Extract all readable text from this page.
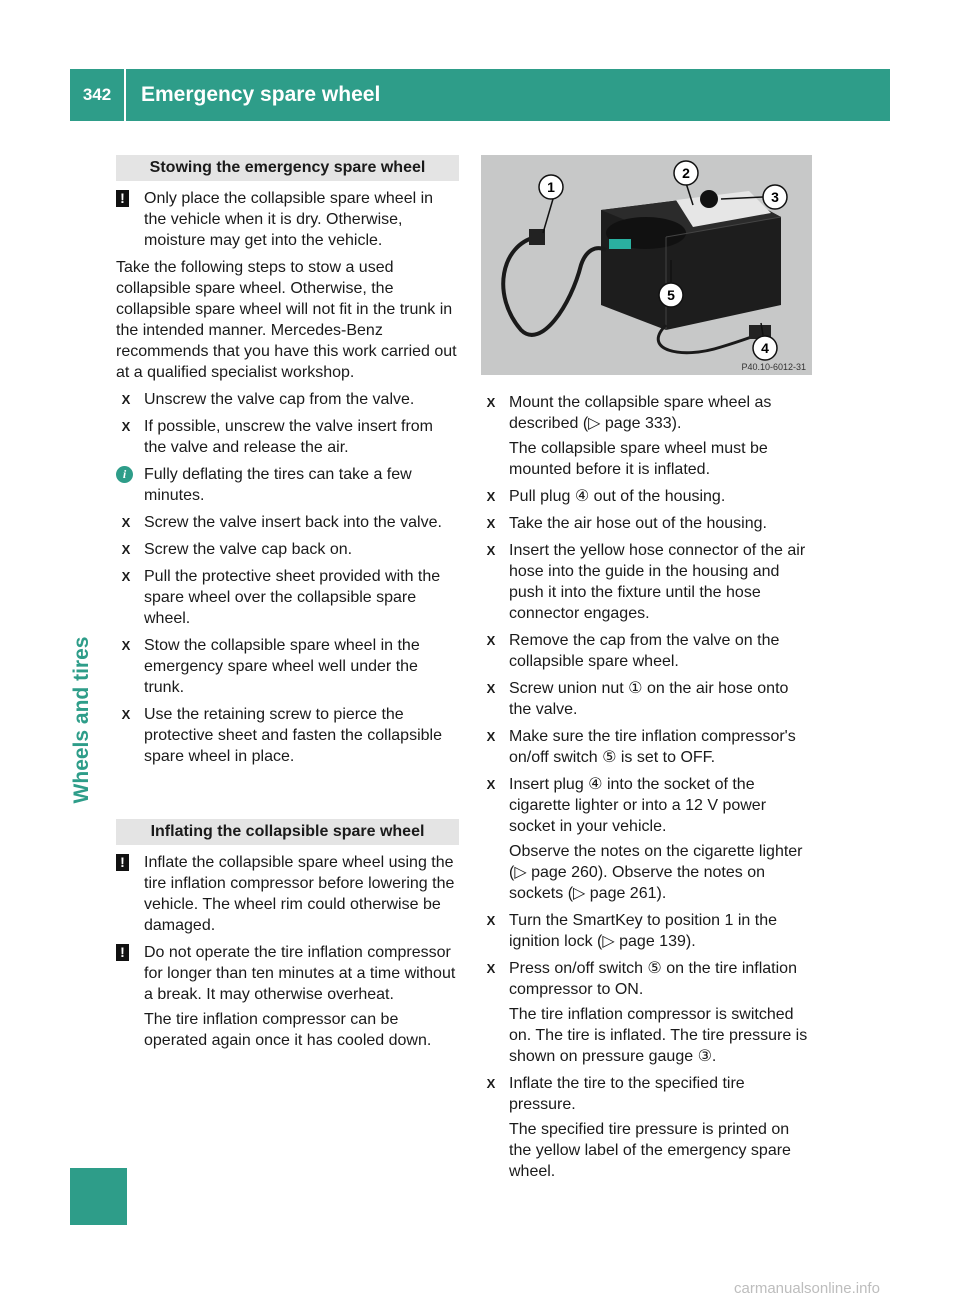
342	Emergency spare wheel
Wheels and tires
Stowing the emergency spare wheel
! Only place the collapsible spare wheel in the vehicle when it is dry. Otherwise, moisture may get into the vehicle.
Take the following steps to stow a used collapsible spare wheel. Otherwise, the collapsible spare wheel will not fit in the trunk in the intended manner. Mercedes-Benz recommends that you have this work carried out at a qualified specialist workshop.
X Unscrew the valve cap from the valve.
X If possible, unscrew the valve insert from the valve and release the air.
i	Fully deflating the tires can take a few minutes.
X Screw the valve insert back into the valve.
X Screw the valve cap back on.
X Pull the protective sheet provided with the spare wheel over the collapsible spare wheel.
X Stow the collapsible spare wheel in the emergency spare wheel well under the trunk.
X Use the retaining screw to pierce the protective sheet and fasten the collapsible spare wheel in place.
Inflating the collapsible spare wheel
! Inflate the collapsible spare wheel using the tire inflation compressor before lowering the vehicle. The wheel rim could otherwise be damaged.
! Do not operate the tire inflation compressor for longer than ten minutes at a time without a break. It may otherwise overheat.
The tire inflation compressor can be operated again once it has cooled down.
1
2
3
4
5
P40.10-6012-31
X Mount the collapsible spare wheel as described (▷ page 333).
The collapsible spare wheel must be mounted before it is inflated.
X Pull plug ④ out of the housing.
X Take the air hose out of the housing.
X Insert the yellow hose connector of the air hose into the guide in the housing and push it into the fixture until the hose connector engages.
X Remove the cap from the valve on the collapsible spare wheel.
X Screw union nut ① on the air hose onto the valve.
X Make sure the tire inflation compressor's on/off switch ⑤ is set to OFF.
X Insert plug ④ into the socket of the cigarette lighter or into a 12 V power socket in your vehicle.
Observe the notes on the cigarette lighter (▷ page 260). Observe the notes on sockets (▷ page 261).
X Turn the SmartKey to position 1 in the ignition lock (▷ page 139).
X Press on/off switch ⑤ on the tire inflation compressor to ON.
The tire inflation compressor is switched on. The tire is inflated. The tire pressure is shown on pressure gauge ③.
X Inflate the tire to the specified tire pressure.
The specified tire pressure is printed on the yellow label of the emergency spare wheel.
carmanualsonline.info
